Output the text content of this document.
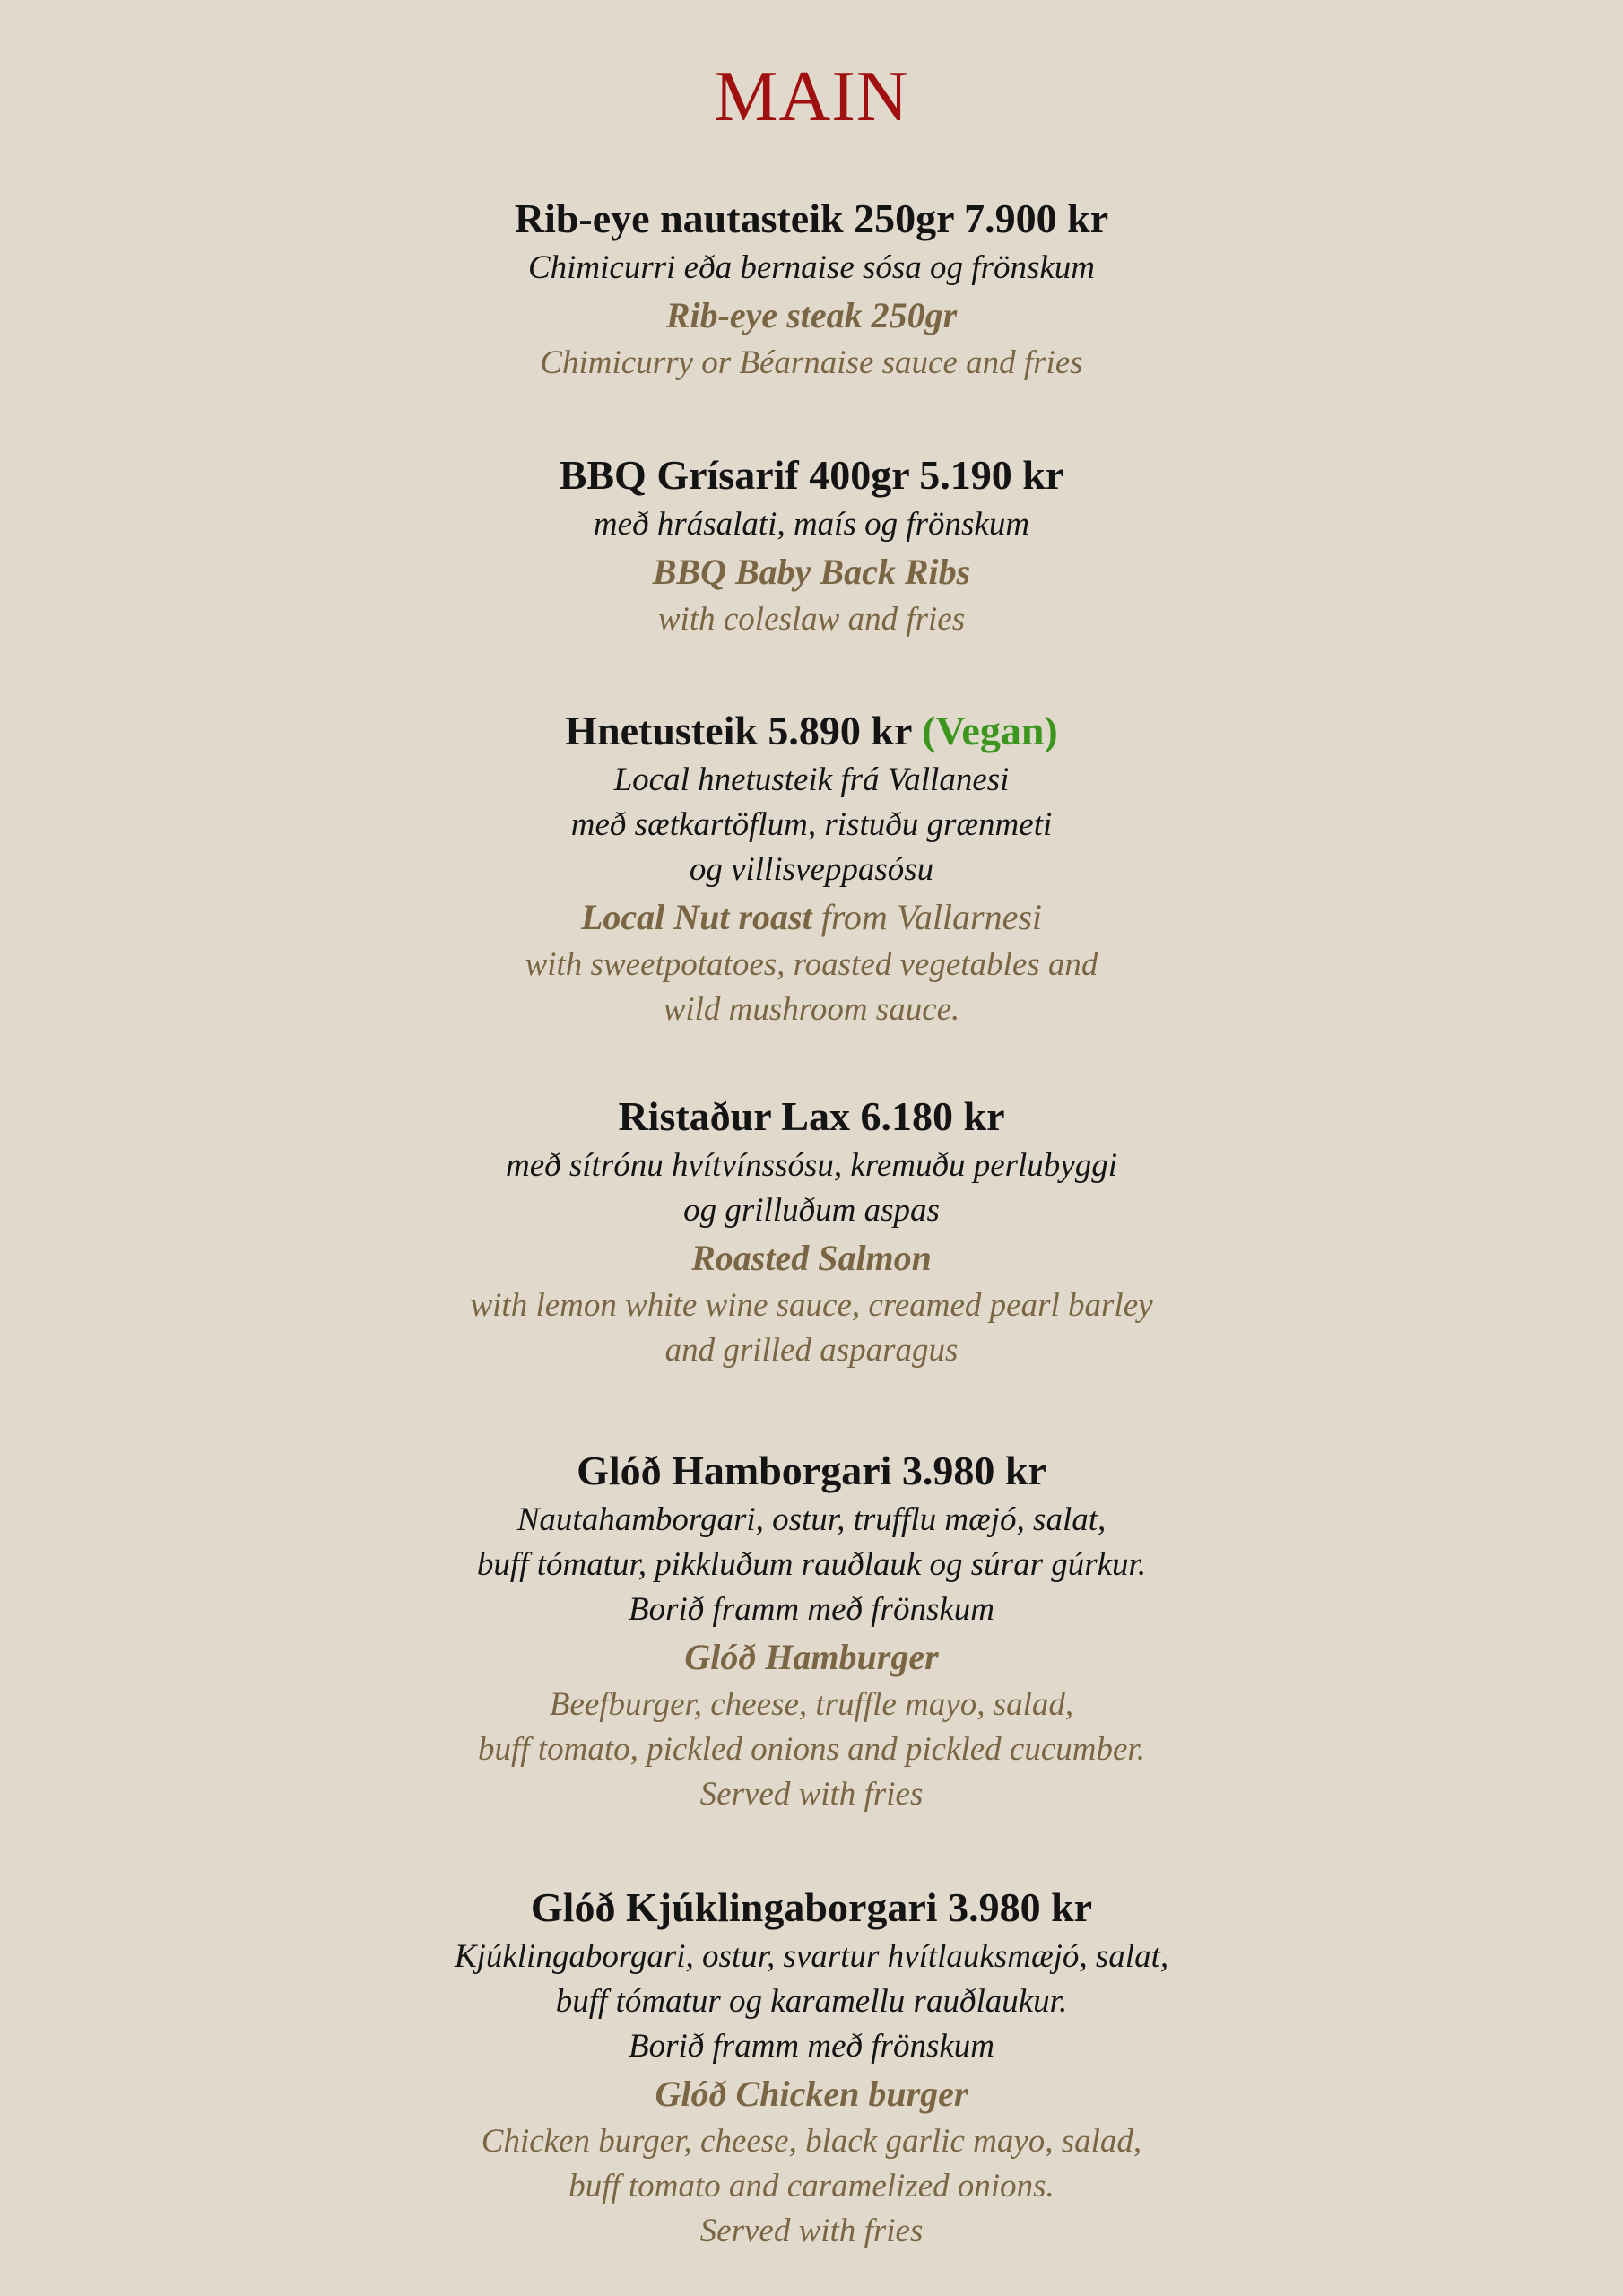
MAIN
Rib-eye nautasteik 250gr 7.900 kr
Chimicurri eða bernaise sósa og frönskum
Rib-eye steak 250gr
Chimicurry or Béarnaise sauce and fries
BBQ Grísarif 400gr 5.190 kr
með hrásalati, maís og frönskum
BBQ Baby Back Ribs
with coleslaw and fries
Hnetusteik 5.890 kr (Vegan)
Local hnetusteik frá Vallanesi
með sætkartöflum, ristuðu grænmeti
og villisveppasósu
Local Nut roast from Vallarnesi
with sweetpotatoes, roasted vegetables and
wild mushroom sauce.
Ristaður Lax 6.180 kr
með sítrónu hvítvínssósu, kremuðu perlubyggi
og grilluðum aspas
Roasted Salmon
with lemon white wine sauce, creamed pearl barley
and grilled asparagus
Glóð Hamborgari 3.980 kr
Nautahamborgari, ostur, trufflu mæjó, salat,
buff tómatur, pikkluðum rauðlauk og súrar gúrkur.
Borið framm með frönskum
Glóð Hamburger
Beefburger, cheese, truffle mayo, salad,
buff tomato, pickled onions and pickled cucumber.
Served with fries
Glóð Kjúklingaborgari 3.980 kr
Kjúklingaborgari, ostur, svartur hvítlauksmæjó, salat,
buff tómatur og karamellu rauðlaukur.
Borið framm með frönskum
Glóð Chicken burger
Chicken burger, cheese, black garlic mayo, salad,
buff tomato and caramelized onions.
Served with fries
